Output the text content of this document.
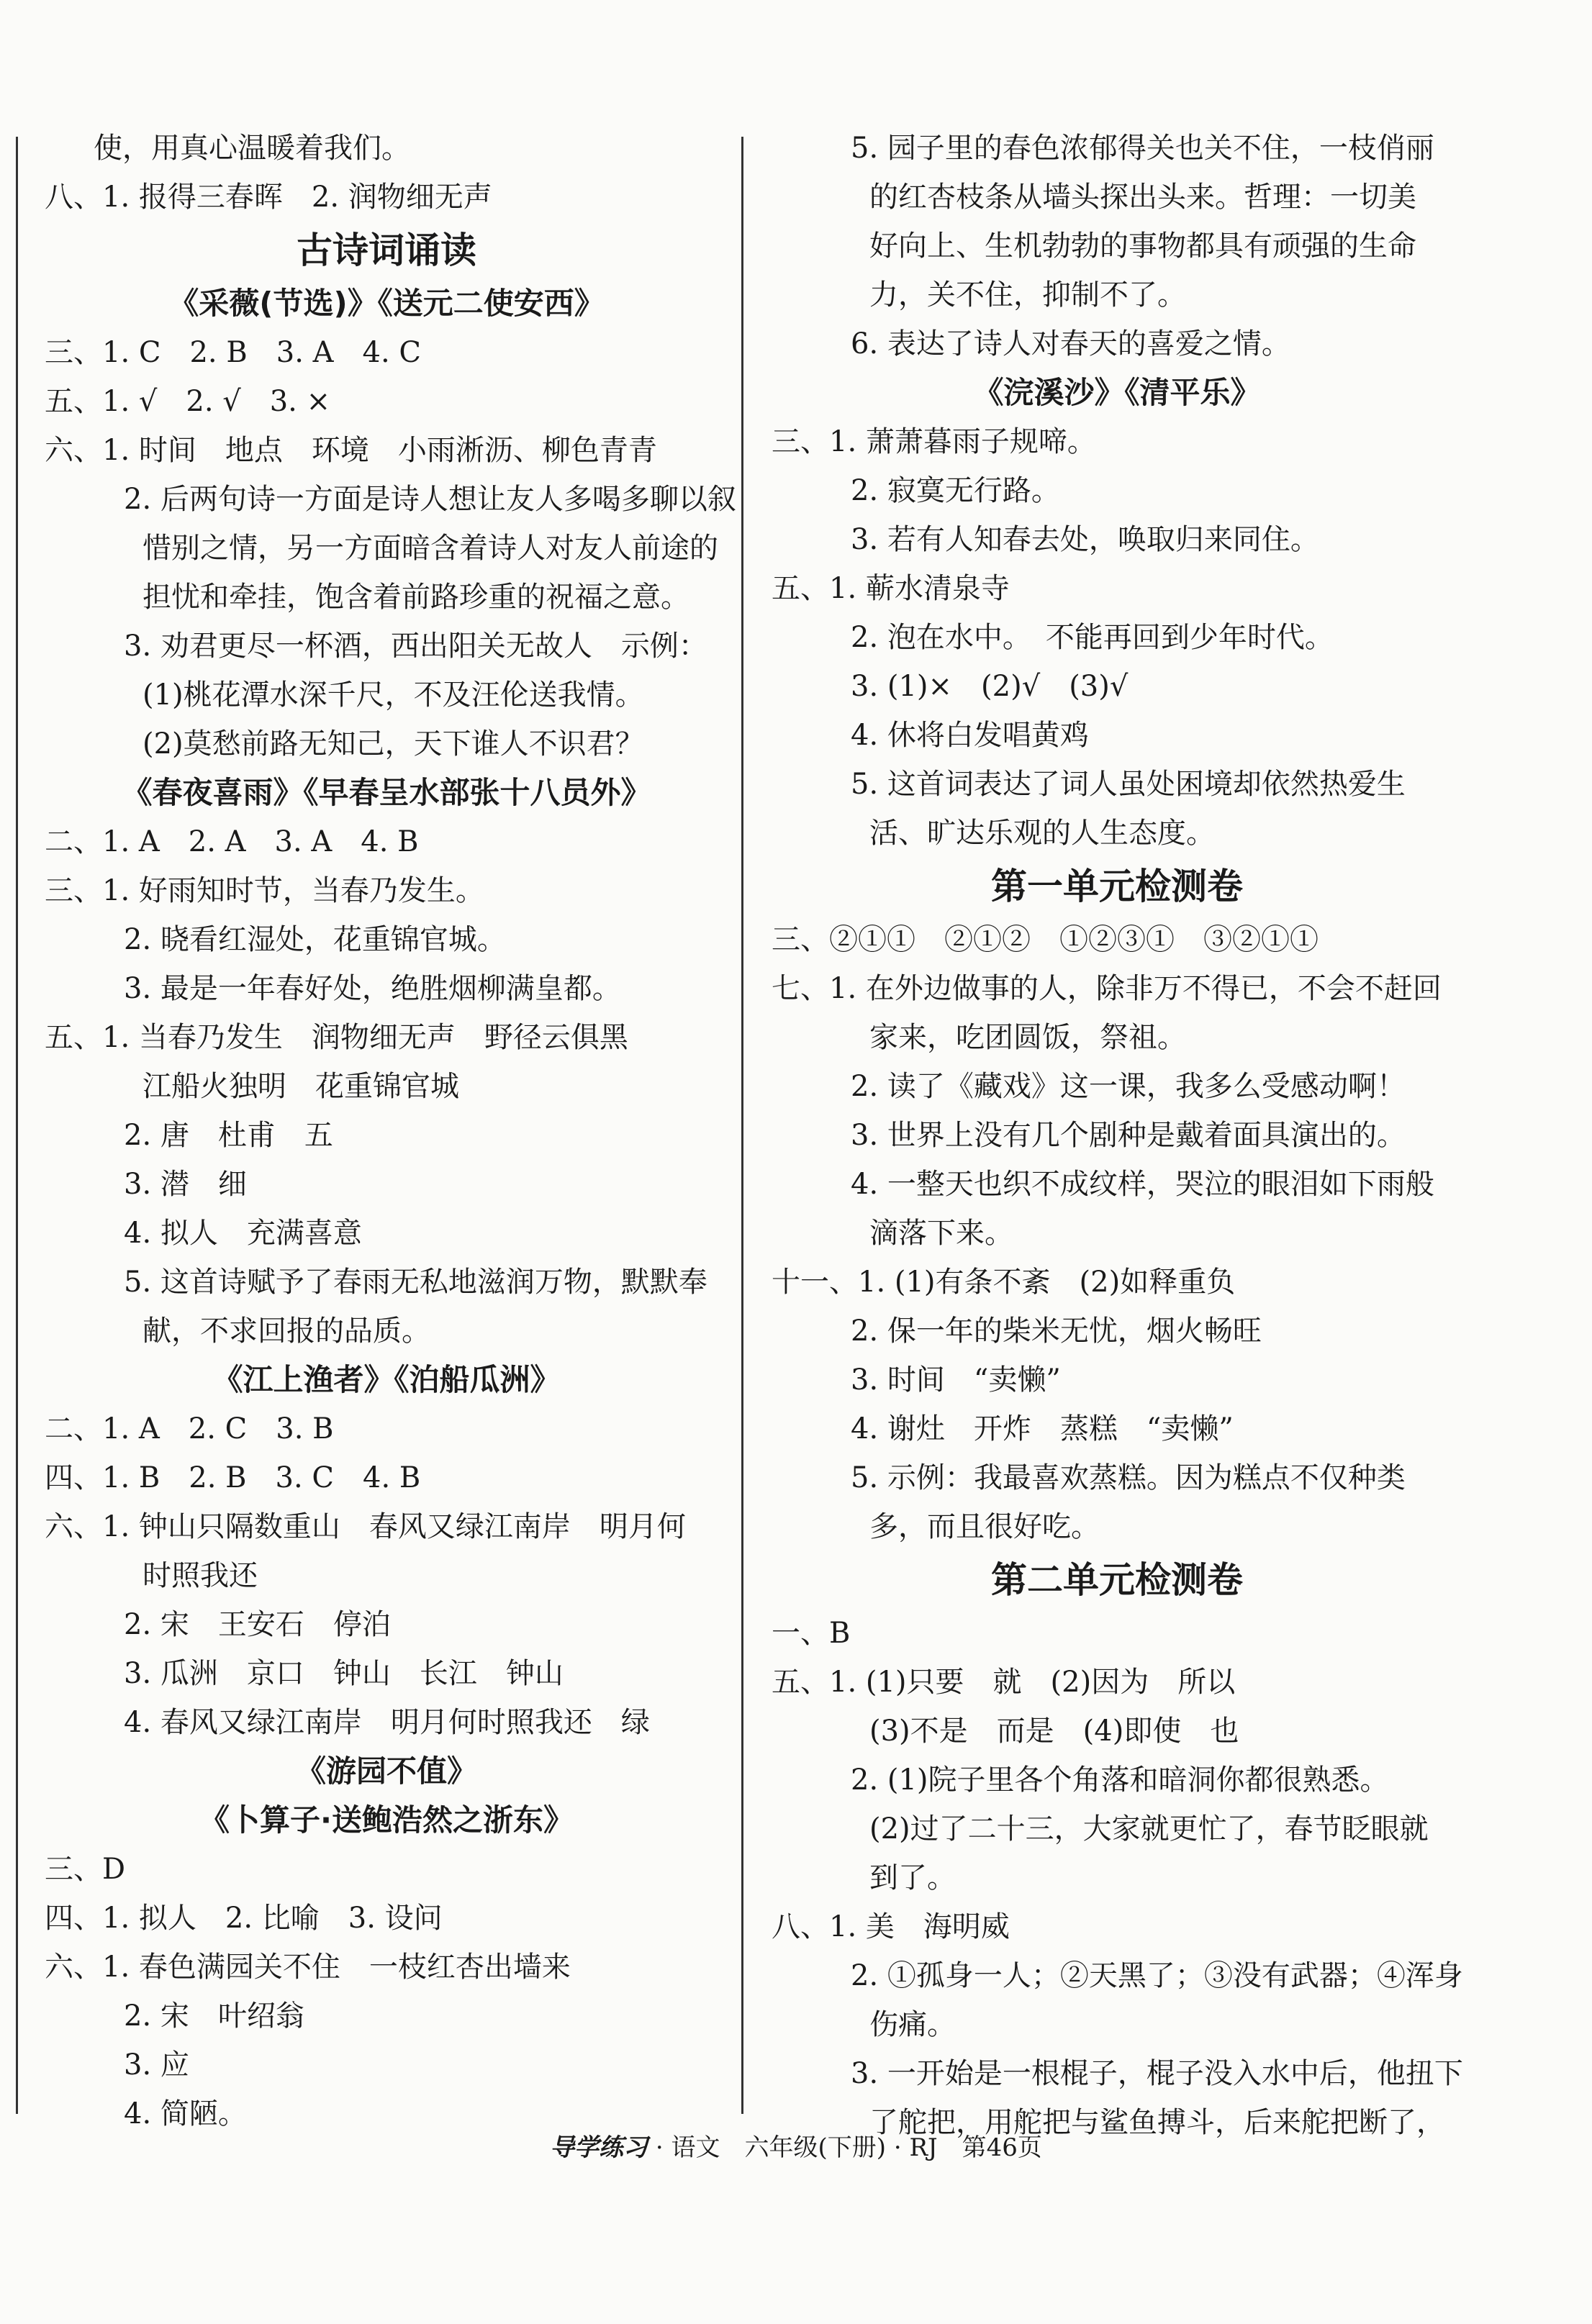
使，用真心温暖着我们。
八、1. 报得三春晖　2. 润物细无声
古诗词诵读
《采薇(节选)》《送元二使安西》
三、1. C　2. B　3. A　4. C
五、1. √　2. √　3. ×
六、1. 时间　地点　环境　小雨淅沥、柳色青青
2. 后两句诗一方面是诗人想让友人多喝多聊以叙
惜别之情，另一方面暗含着诗人对友人前途的
担忧和牵挂，饱含着前路珍重的祝福之意。
3. 劝君更尽一杯酒，西出阳关无故人　示例：
(1)桃花潭水深千尺，不及汪伦送我情。
(2)莫愁前路无知己，天下谁人不识君？
《春夜喜雨》《早春呈水部张十八员外》
二、1. A　2. A　3. A　4. B
三、1. 好雨知时节，当春乃发生。
2. 晓看红湿处，花重锦官城。
3. 最是一年春好处，绝胜烟柳满皇都。
五、1. 当春乃发生　润物细无声　野径云俱黑
江船火独明　花重锦官城
2. 唐　杜甫　五
3. 潜　细
4. 拟人　充满喜意
5. 这首诗赋予了春雨无私地滋润万物，默默奉
献，不求回报的品质。
《江上渔者》《泊船瓜洲》
二、1. A　2. C　3. B
四、1. B　2. B　3. C　4. B
六、1. 钟山只隔数重山　春风又绿江南岸　明月何
时照我还
2. 宋　王安石　停泊
3. 瓜洲　京口　钟山　长江　钟山
4. 春风又绿江南岸　明月何时照我还　绿
《游园不值》
《卜算子·送鲍浩然之浙东》
三、D
四、1. 拟人　2. 比喻　3. 设问
六、1. 春色满园关不住　一枝红杏出墙来
2. 宋　叶绍翁
3. 应
4. 简陋。
5. 园子里的春色浓郁得关也关不住，一枝俏丽
的红杏枝条从墙头探出头来。哲理：一切美
好向上、生机勃勃的事物都具有顽强的生命
力，关不住，抑制不了。
6. 表达了诗人对春天的喜爱之情。
《浣溪沙》《清平乐》
三、1. 萧萧暮雨子规啼。
2. 寂寞无行路。
3. 若有人知春去处，唤取归来同住。
五、1. 蕲水清泉寺
2. 泡在水中。　不能再回到少年时代。
3. (1)×　(2)√　(3)√
4. 休将白发唱黄鸡
5. 这首词表达了词人虽处困境却依然热爱生
活、旷达乐观的人生态度。
第一单元检测卷
三、②①①　②①②　①②③①　③②①①
七、1. 在外边做事的人，除非万不得已，不会不赶回
家来，吃团圆饭，祭祖。
2. 读了《藏戏》这一课，我多么受感动啊！
3. 世界上没有几个剧种是戴着面具演出的。
4. 一整天也织不成纹样，哭泣的眼泪如下雨般
滴落下来。
十一、1. (1)有条不紊　(2)如释重负
2. 保一年的柴米无忧，烟火畅旺
3. 时间　“卖懒”
4. 谢灶　开炸　蒸糕　“卖懒”
5. 示例：我最喜欢蒸糕。因为糕点不仅种类
多，而且很好吃。
第二单元检测卷
一、B
五、1. (1)只要　就　(2)因为　所以
(3)不是　而是　(4)即使　也
2. (1)院子里各个角落和暗洞你都很熟悉。
(2)过了二十三，大家就更忙了，春节眨眼就
到了。
八、1. 美　海明威
2. ①孤身一人；②天黑了；③没有武器；④浑身
伤痛。
3. 一开始是一根棍子，棍子没入水中后，他扭下
了舵把，用舵把与鲨鱼搏斗，后来舵把断了，
导学练习 · 语文　六年级(下册) · RJ　第46页
